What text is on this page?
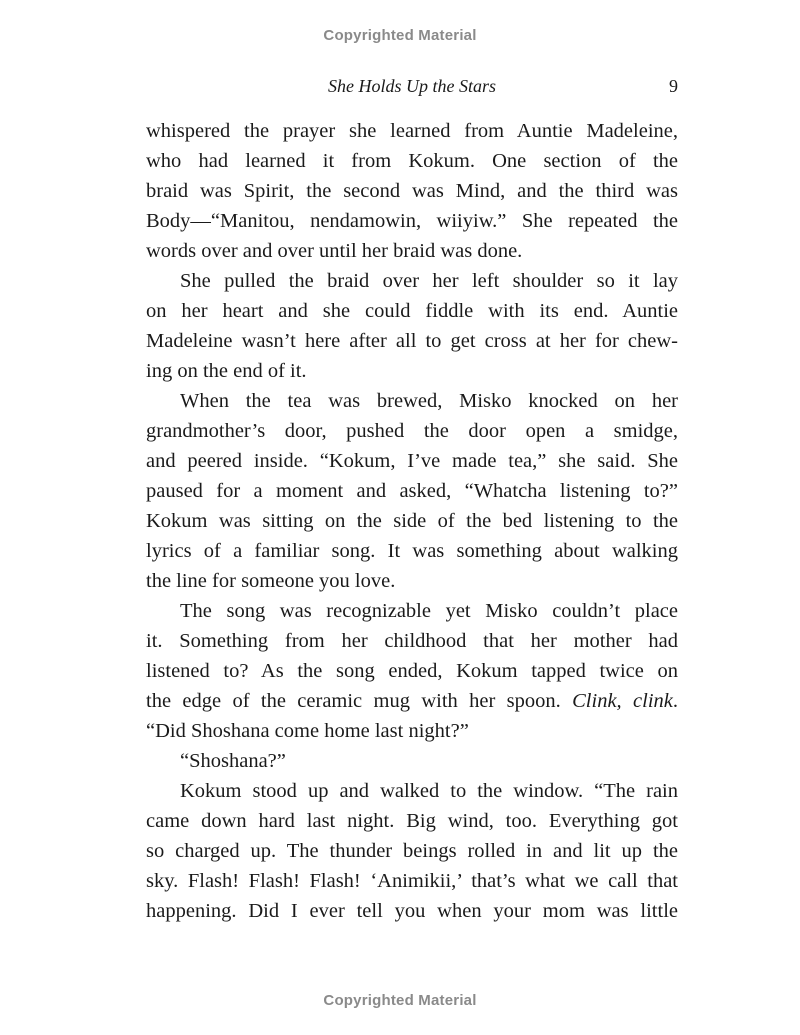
Copyrighted Material
She Holds Up the Stars	9
whispered the prayer she learned from Auntie Madeleine,
who had learned it from Kokum. One section of the
braid was Spirit, the second was Mind, and the third was
Body—“Manitou, nendamowin, wiiyiw.” She repeated the
words over and over until her braid was done.
She pulled the braid over her left shoulder so it lay
on her heart and she could fiddle with its end. Auntie
Madeleine wasn’t here after all to get cross at her for chew-
ing on the end of it.
When the tea was brewed, Misko knocked on her
grandmother’s door, pushed the door open a smidge,
and peered inside. “Kokum, I’ve made tea,” she said. She
paused for a moment and asked, “Whatcha listening to?”
Kokum was sitting on the side of the bed listening to the
lyrics of a familiar song. It was something about walking
the line for someone you love.
The song was recognizable yet Misko couldn’t place
it. Something from her childhood that her mother had
listened to? As the song ended, Kokum tapped twice on
the edge of the ceramic mug with her spoon. Clink, clink.
“Did Shoshana come home last night?”
“Shoshana?”
Kokum stood up and walked to the window. “The rain
came down hard last night. Big wind, too. Everything got
so charged up. The thunder beings rolled in and lit up the
sky. Flash! Flash! Flash! ‘Animikii,’ that’s what we call that
happening. Did I ever tell you when your mom was little
Copyrighted Material
